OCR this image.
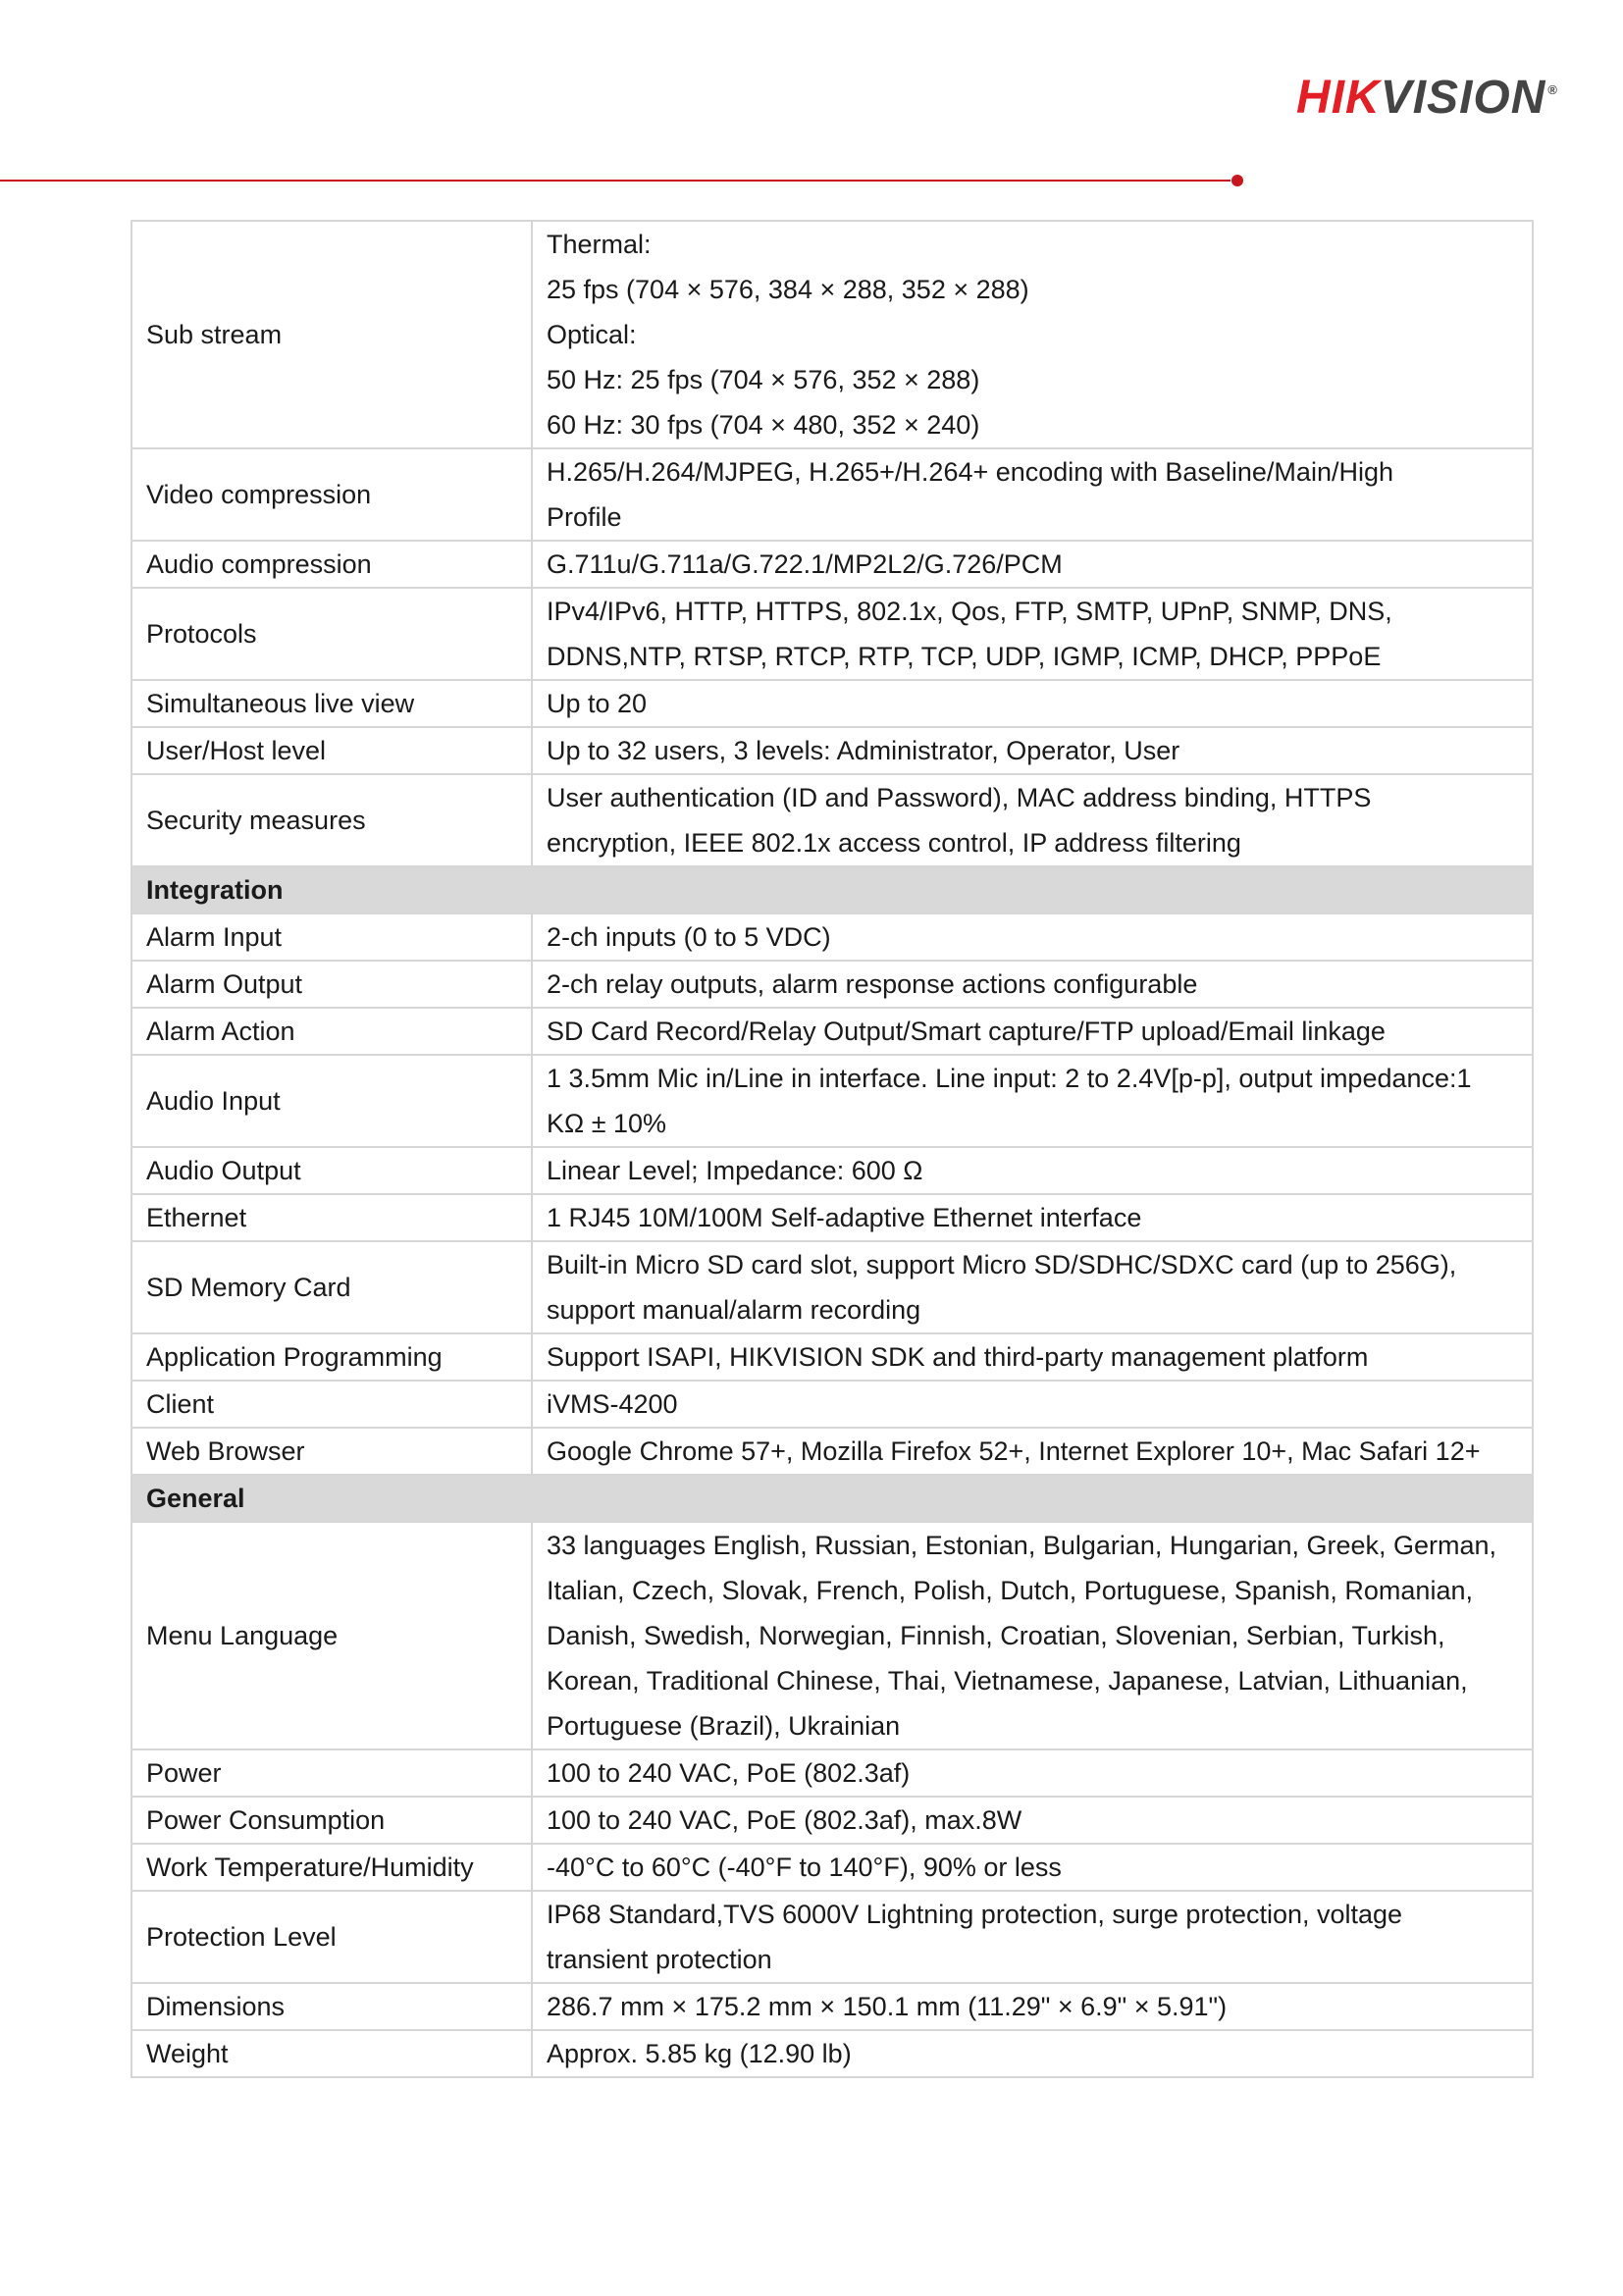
HIKVISION ®
Sub stream	Thermal:
25 fps (704 × 576, 384 × 288, 352 × 288)
Optical:
50 Hz: 25 fps (704 × 576, 352 × 288)
60 Hz: 30 fps (704 × 480, 352 × 240)
Video compression	H.265/H.264/MJPEG, H.265+/H.264+ encoding with Baseline/Main/High
Profile
Audio compression	G.711u/G.711a/G.722.1/MP2L2/G.726/PCM
Protocols	IPv4/IPv6, HTTP, HTTPS, 802.1x, Qos, FTP, SMTP, UPnP, SNMP, DNS,
DDNS,NTP, RTSP, RTCP, RTP, TCP, UDP, IGMP, ICMP, DHCP, PPPoE
Simultaneous live view	Up to 20
User/Host level	Up to 32 users, 3 levels: Administrator, Operator, User
Security measures	User authentication (ID and Password), MAC address binding, HTTPS
encryption, IEEE 802.1x access control, IP address filtering
Integration	
Alarm Input	2-ch inputs (0 to 5 VDC)
Alarm Output	2-ch relay outputs, alarm response actions configurable
Alarm Action	SD Card Record/Relay Output/Smart capture/FTP upload/Email linkage
Audio Input	1 3.5mm Mic in/Line in interface. Line input: 2 to 2.4V[p-p], output impedance:1
KΩ ± 10%
Audio Output	Linear Level; Impedance: 600 Ω
Ethernet	1 RJ45 10M/100M Self-adaptive Ethernet interface
SD Memory Card	Built-in Micro SD card slot, support Micro SD/SDHC/SDXC card (up to 256G),
support manual/alarm recording
Application Programming	Support ISAPI, HIKVISION SDK and third-party management platform
Client	iVMS-4200
Web Browser	Google Chrome 57+, Mozilla Firefox 52+, Internet Explorer 10+, Mac Safari 12+
General	
Menu Language	33 languages English, Russian, Estonian, Bulgarian, Hungarian, Greek, German,
Italian, Czech, Slovak, French, Polish, Dutch, Portuguese, Spanish, Romanian,
Danish, Swedish, Norwegian, Finnish, Croatian, Slovenian, Serbian, Turkish,
Korean, Traditional Chinese, Thai, Vietnamese, Japanese, Latvian, Lithuanian,
Portuguese (Brazil), Ukrainian
Power	100 to 240 VAC, PoE (802.3af)
Power Consumption	100 to 240 VAC, PoE (802.3af), max.8W
Work Temperature/Humidity	-40°C to 60°C (-40°F to 140°F), 90% or less
Protection Level	IP68 Standard,TVS 6000V Lightning protection, surge protection, voltage
transient protection
Dimensions	286.7 mm × 175.2 mm × 150.1 mm (11.29" × 6.9" × 5.91")
Weight	Approx. 5.85 kg (12.90 lb)
